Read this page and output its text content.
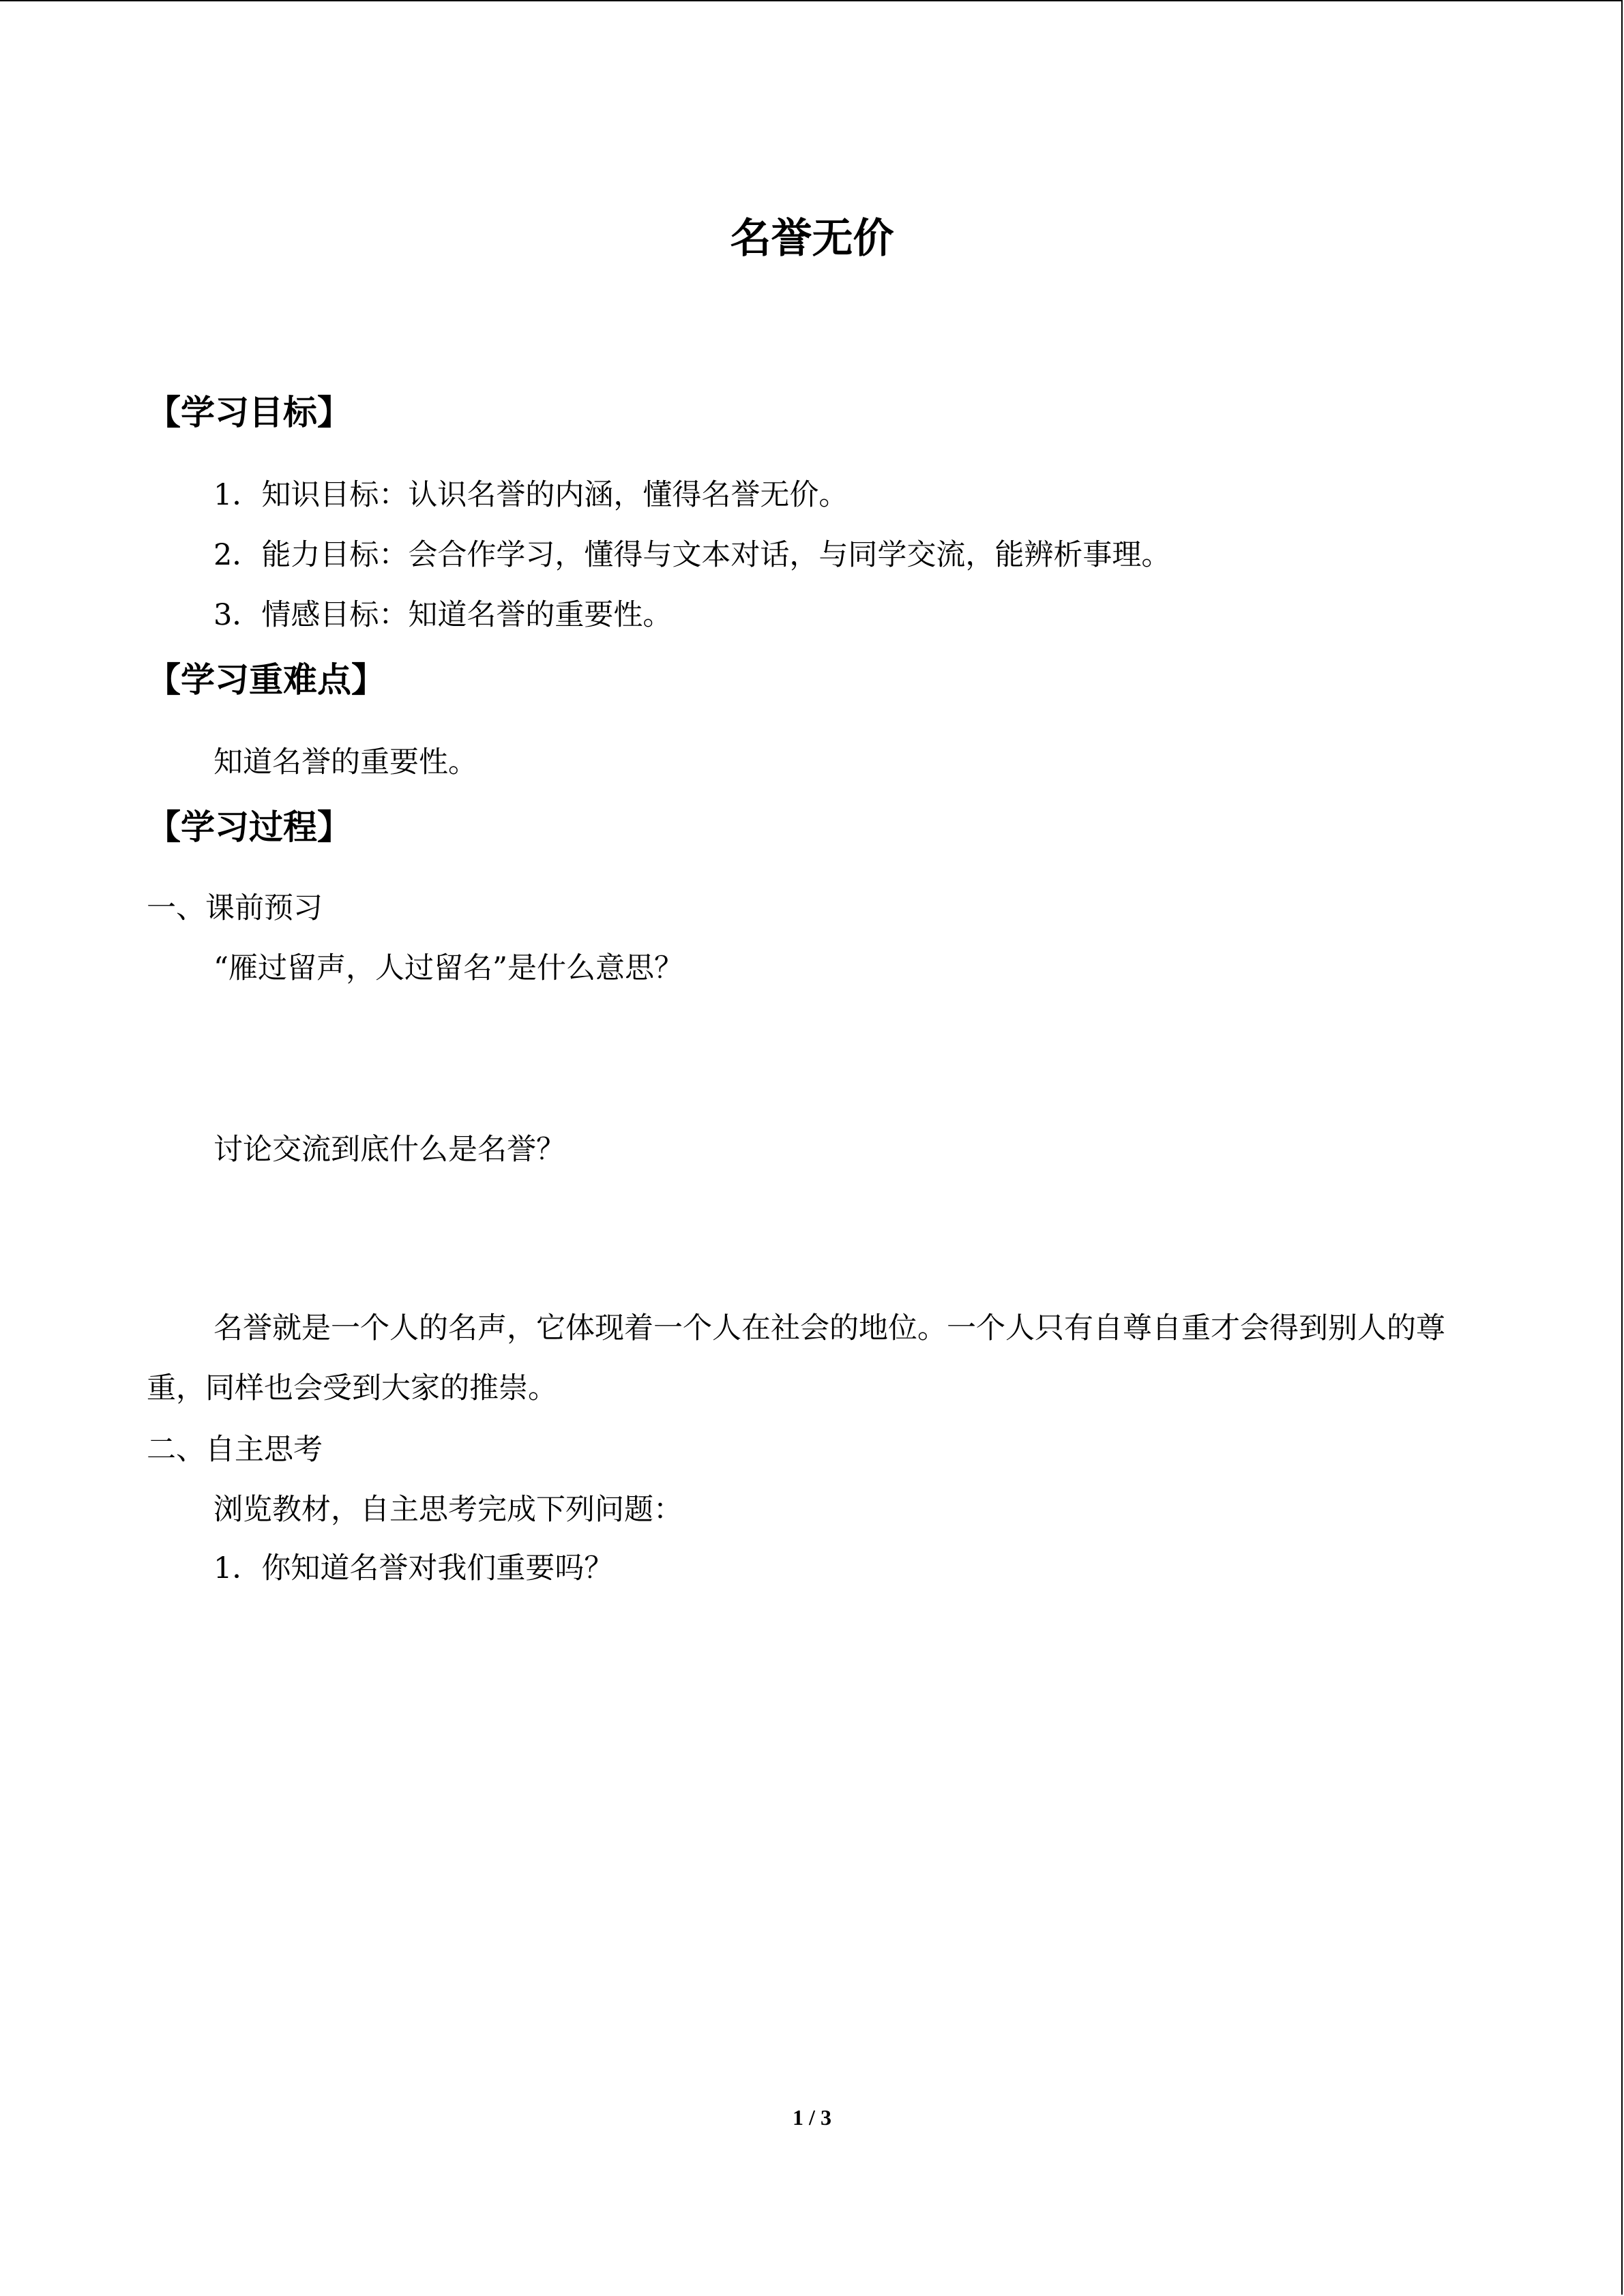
名誉无价
【学习目标】
1．知识目标：认识名誉的内涵，懂得名誉无价。
2．能力目标：会合作学习，懂得与文本对话，与同学交流，能辨析事理。
3．情感目标：知道名誉的重要性。
【学习重难点】
知道名誉的重要性。
【学习过程】
一、课前预习
“雁过留声，人过留名”是什么意思？
讨论交流到底什么是名誉？
名誉就是一个人的名声，它体现着一个人在社会的地位。一个人只有自尊自重才会得到别人的尊重，同样也会受到大家的推崇。
二、自主思考
浏览教材，自主思考完成下列问题：
1．你知道名誉对我们重要吗？
1 / 3
